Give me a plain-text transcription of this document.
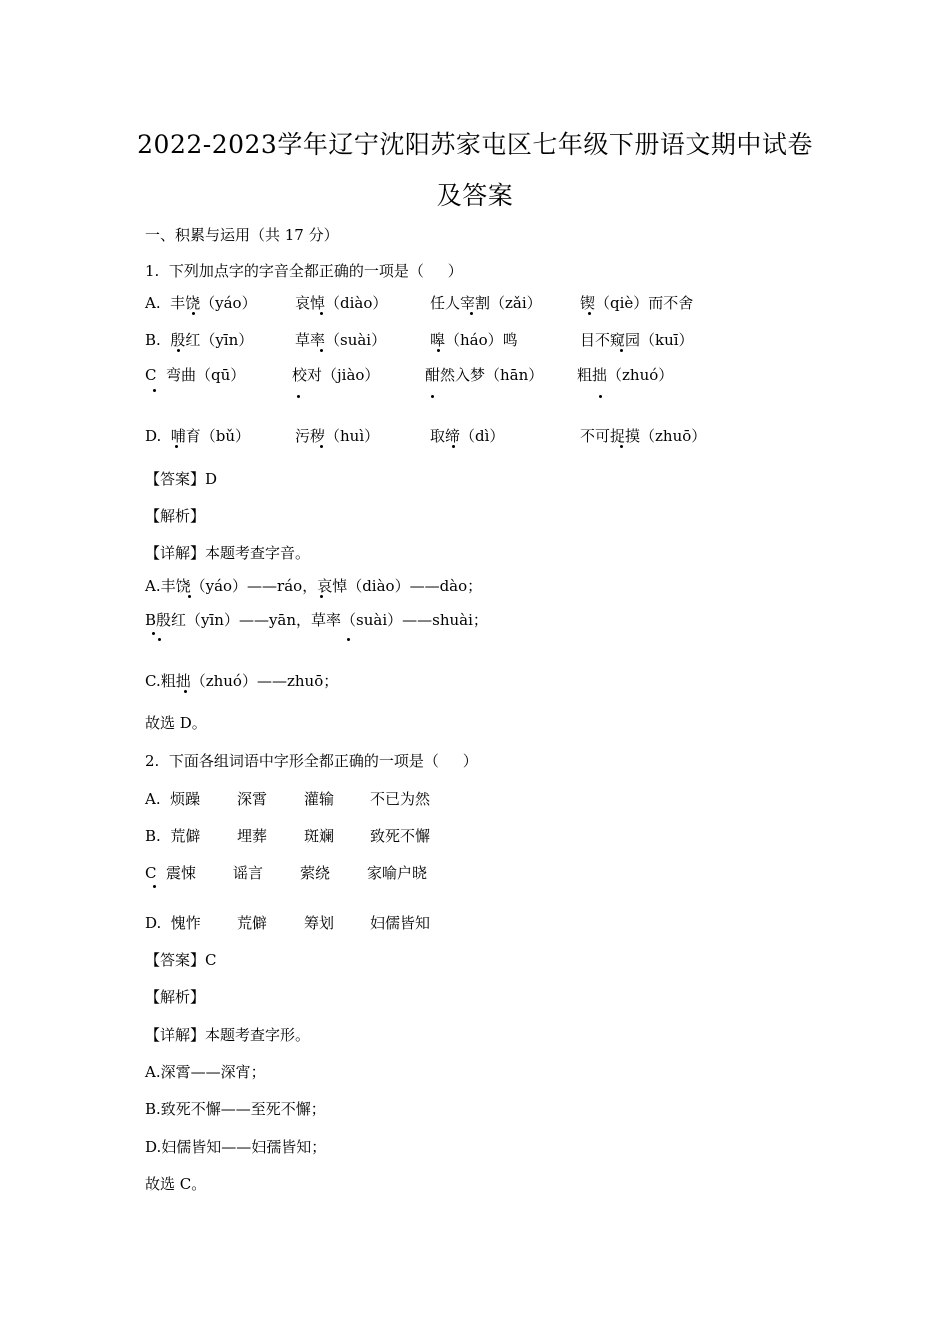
2022-2023学年辽宁沈阳苏家屯区七年级下册语文期中试卷
及答案
一、积累与运用（共 17 分）
1.  下列加点字的字音全都正确的一项是（     ）
A.  丰饶（yáo）	哀悼（diào）	任人宰割（zǎi）	锲（qiè）而不舍
B.  殷红（yīn）	草率（suài）	嗥（háo）鸣	目不窥园（kuī）
C  弯曲（qū）	校对（jiào）	酣然入梦（hān） 粗拙（zhuó）
D.  哺育（bǔ）	污秽（huì）	取缔（dì）	不可捉摸（zhuō）
【答案】D
【解析】
【详解】本题考查字音。
A.丰饶（yáo）——ráo，哀悼（diào）——dào；
B殷红（yīn）——yān，草率（suài）——shuài；
C.粗拙（zhuó）——zhuō；
故选 D。
2.  下面各组词语中字形全都正确的一项是（     ）
A.  烦躁 深霄 灌输 不已为然
B.  荒僻 埋葬 斑斓 致死不懈
C  震悚 谣言 萦绕 家喻户晓
D.  愧怍 荒僻 筹划 妇儒皆知
【答案】C
【解析】
【详解】本题考查字形。
A.深霄——深宵；
B.致死不懈——至死不懈；
D.妇儒皆知——妇孺皆知；
故选 C。
